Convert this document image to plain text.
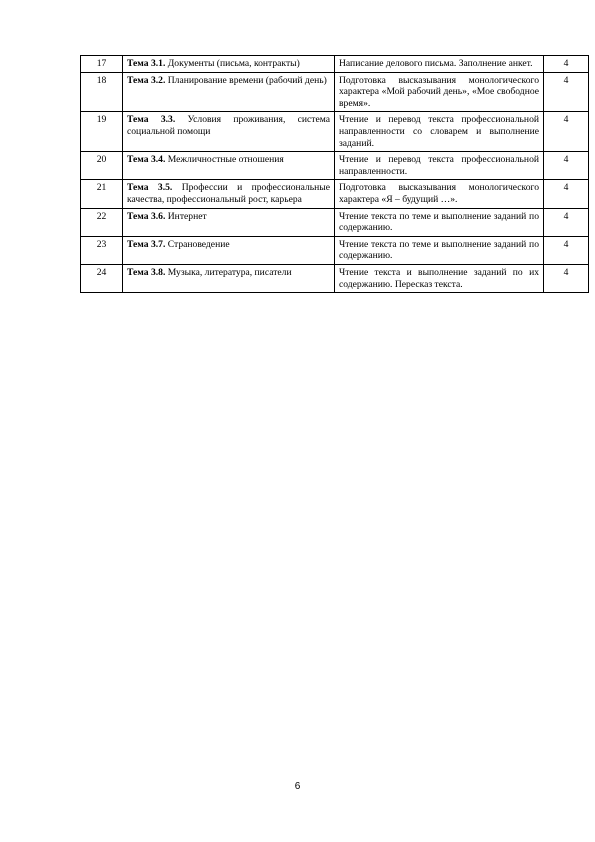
17	Тема 3.1. Документы (письма, контракты)	Написание делового письма. Заполнение анкет.	4
18	Тема 3.2. Планирование времени (рабочий день)	Подготовка высказывания монологического характера «Мой рабочий день», «Мое свободное время».	4
19	Тема 3.3. Условия проживания, система социальной помощи	Чтение и перевод текста профессиональной направленности со словарем и выполнение заданий.	4
20	Тема 3.4. Межличностные отношения	Чтение и перевод текста профессиональной направленности.	4
21	Тема 3.5. Профессии и профессиональные качества, профессиональный рост, карьера	Подготовка высказывания монологического характера «Я – будущий …».	4
22	Тема 3.6. Интернет	Чтение текста по теме и выполнение заданий по содержанию.	4
23	Тема 3.7. Страноведение	Чтение текста по теме и выполнение заданий по содержанию.	4
24	Тема 3.8. Музыка, литература, писатели	Чтение текста и выполнение заданий по их содержанию. Пересказ текста.	4
6
